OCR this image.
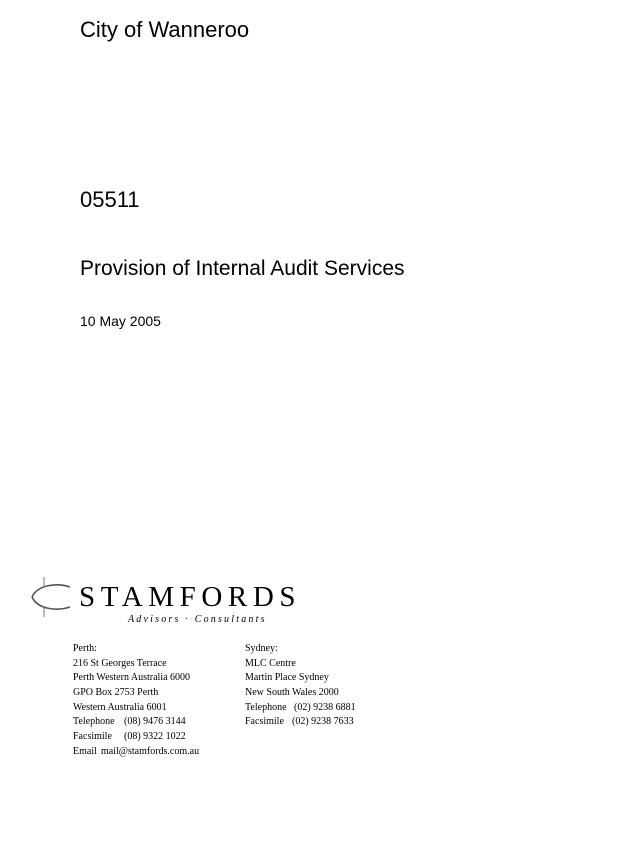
City of Wanneroo
05511
Provision of Internal Audit Services
10 May 2005
STAMFORDS
Advisors · Consultants
Perth:
216 St Georges Terrace
Perth Western Australia 6000
GPO Box 2753 Perth
Western Australia 6001
Telephone (08) 9476 3144
Facsimile (08) 9322 1022
Email mail@stamfords.com.au
Sydney:
MLC Centre
Martin Place Sydney
New South Wales 2000
Telephone (02) 9238 6881
Facsimile (02) 9238 7633
